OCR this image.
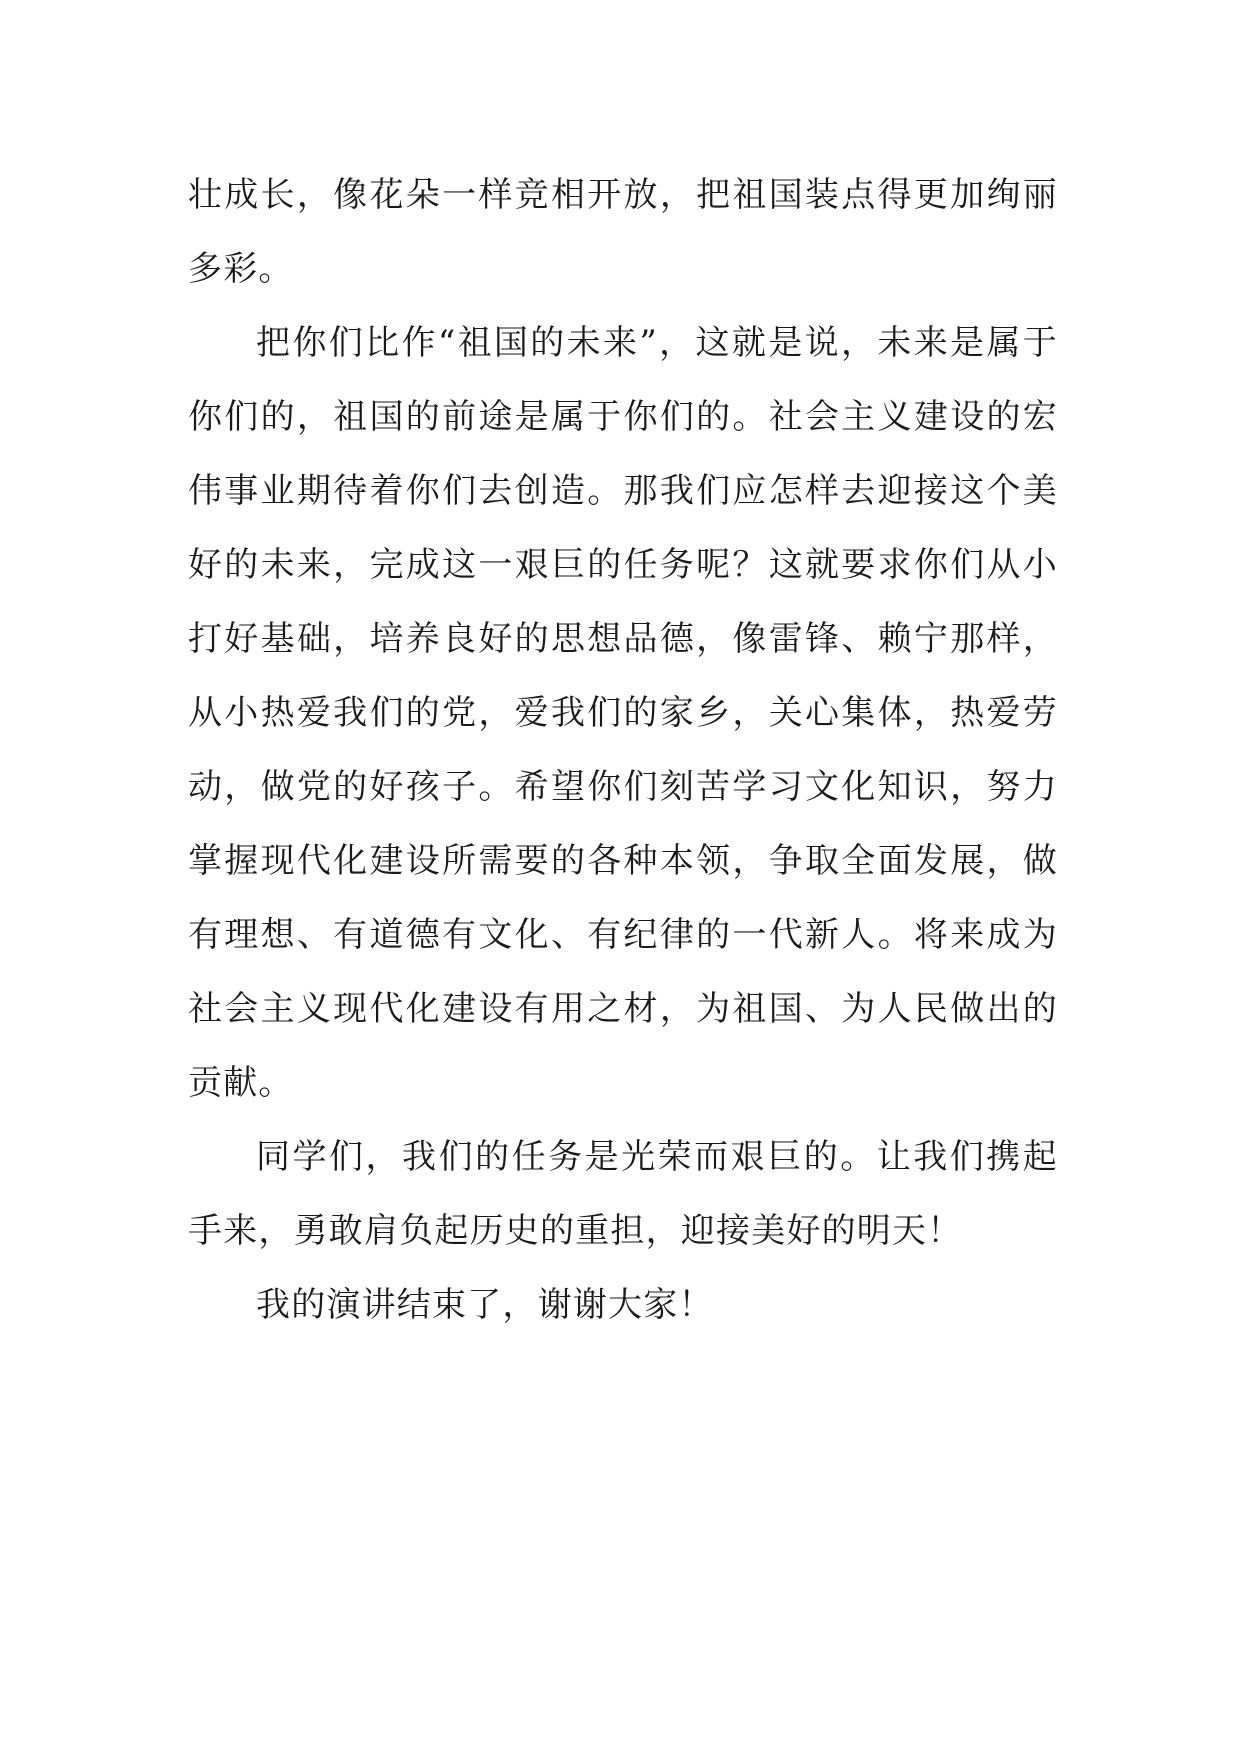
壮成长，像花朵一样竞相开放，把祖国装点得更加绚丽多彩。

把你们比作“祖国的未来”，这就是说，未来是属于你们的，祖国的前途是属于你们的。社会主义建设的宏伟事业期待着你们去创造。那我们应怎样去迎接这个美好的未来，完成这一艰巨的任务呢？这就要求你们从小打好基础，培养良好的思想品德，像雷锋、赖宁那样，从小热爱我们的党，爱我们的家乡，关心集体，热爱劳动，做党的好孩子。希望你们刻苦学习文化知识，努力掌握现代化建设所需要的各种本领，争取全面发展，做有理想、有道德有文化、有纪律的一代新人。将来成为社会主义现代化建设有用之材，为祖国、为人民做出的贡献。

同学们，我们的任务是光荣而艰巨的。让我们携起手来，勇敢肩负起历史的重担，迎接美好的明天！

我的演讲结束了，谢谢大家！
